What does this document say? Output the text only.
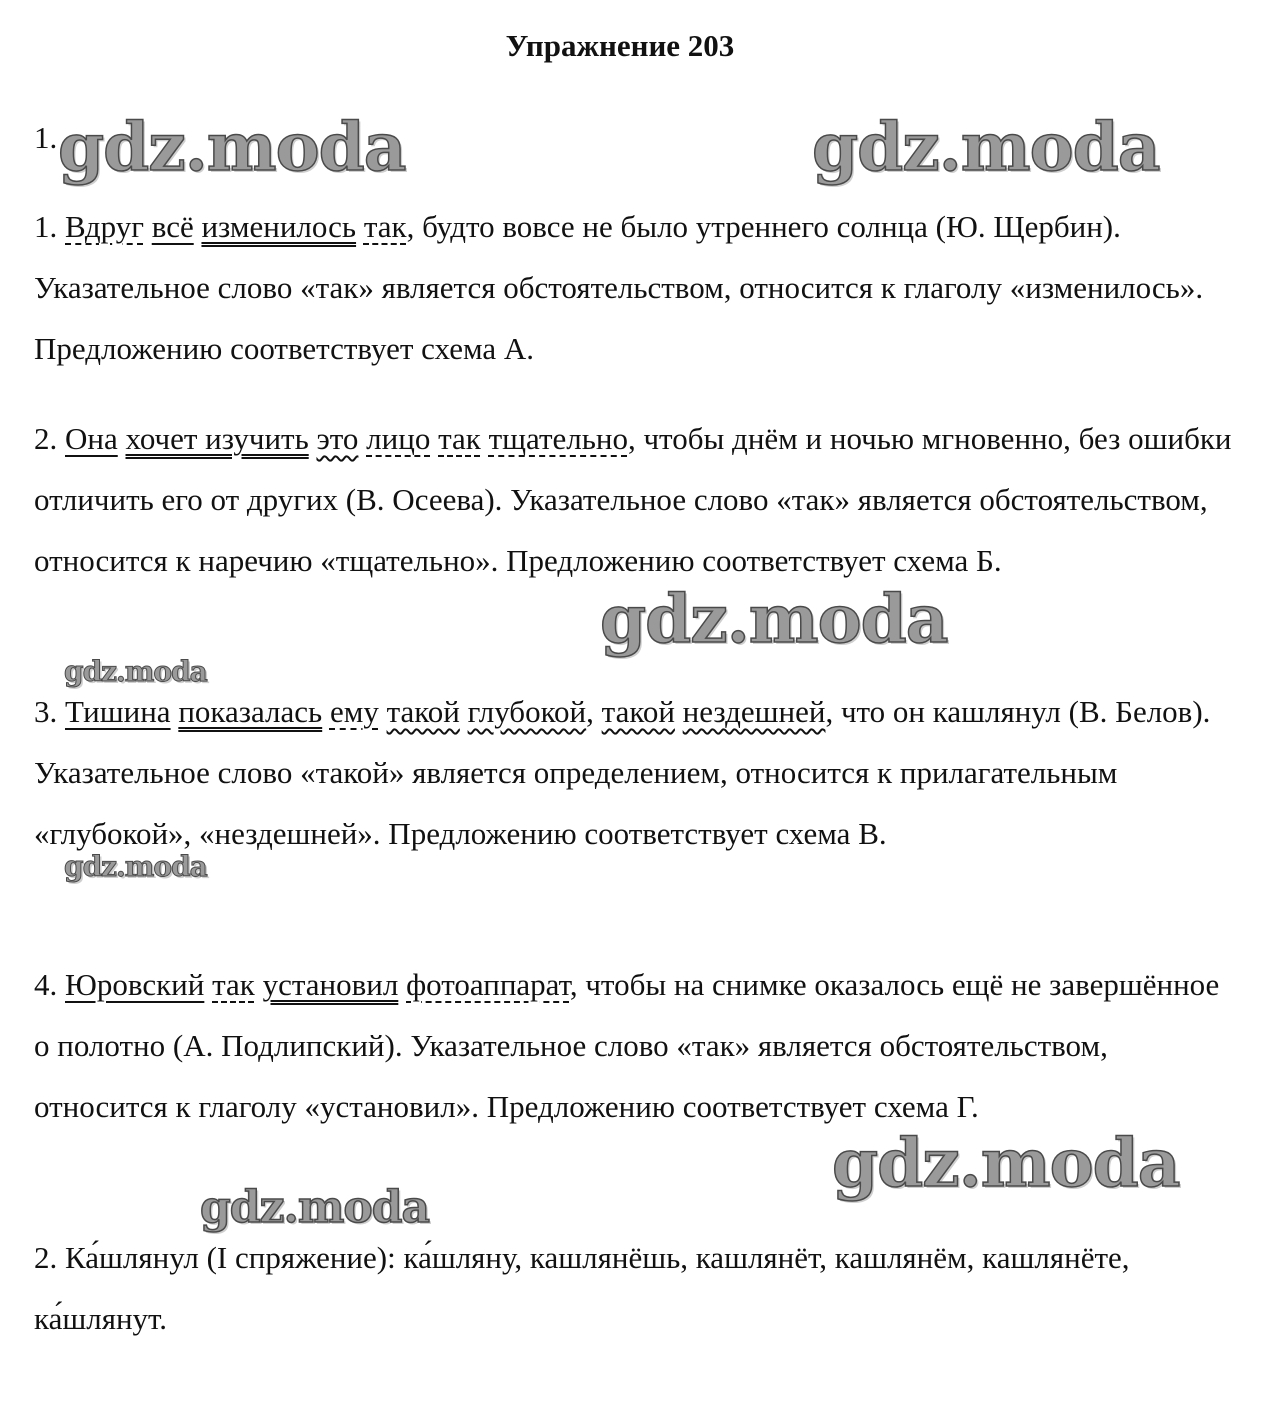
Упражнение 203
1.
1. Вдруг всё изменилось так, будто вовсе не было утреннего солнца (Ю. Щербин). Указательное слово «так» является обстоятельством, относится к глаголу «изменилось». Предложению соответствует схема А.
2. Она хочет изучить это лицо так тщательно, чтобы днём и ночью мгновенно, без ошибки отличить его от других (В. Осеева). Указательное слово «так» является обстоятельством, относится к наречию «тщательно». Предложению соответствует схема Б.
3. Тишина показалась ему такой глубокой, такой нездешней, что он кашлянул (В. Белов). Указательное слово «такой» является определением, относится к прилагательным «глубокой», «нездешней». Предложению соответствует схема В.
4. Юровский так установил фотоаппарат, чтобы на снимке оказалось ещё не завершённое о полотно (А. Подлипский). Указательное слово «так» является обстоятельством, относится к глаголу «установил». Предложению соответствует схема Г.
2. Ка́шлянул (I спряжение): ка́шляну, кашлянёшь, кашлянёт, кашлянём, кашлянёте, ка́шлянут.
gdz.moda	gdz.moda
gdz.moda
gdz.moda
gdz.moda
gdz.moda
gdz.moda
